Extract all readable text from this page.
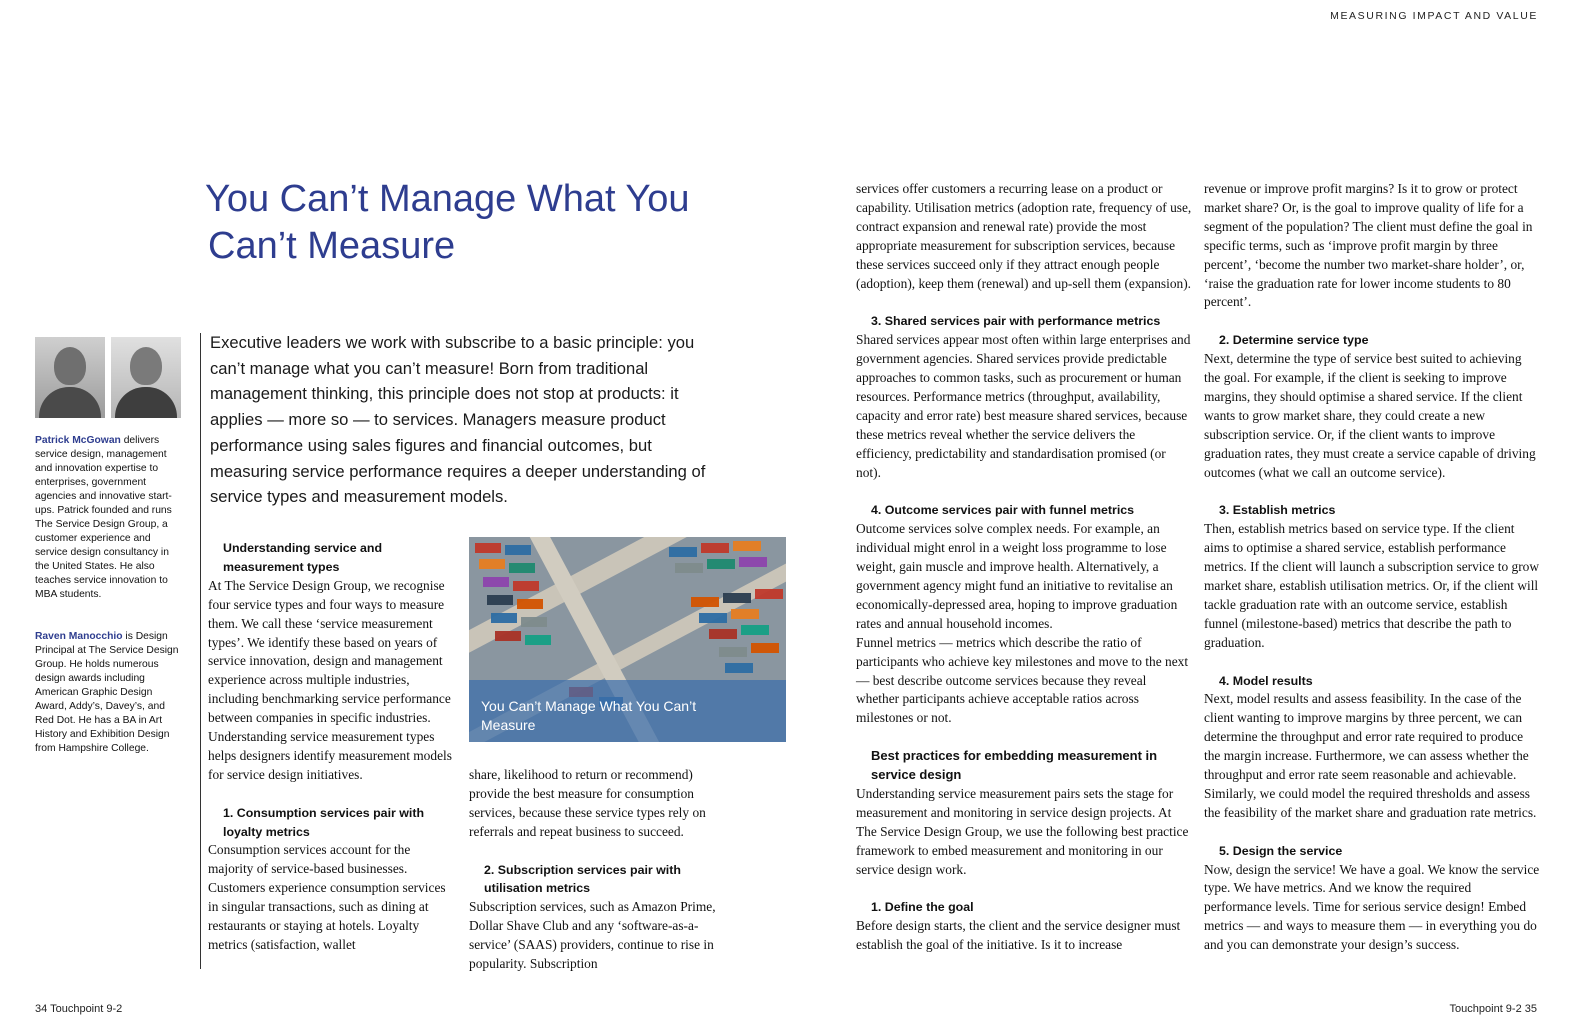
MEASURING IMPACT AND VALUE
34 Touchpoint 9-2	Touchpoint 9-2 35
You Can’t Manage What You
Can’t Measure
Patrick McGowan delivers service design, management and innovation expertise to enterprises, government agencies and innovative start-ups. Patrick founded and runs The Service Design Group, a customer experience and service design consultancy in the United States. He also teaches service innovation to MBA students.
Raven Manocchio is Design Principal at The Service Design Group. He holds numerous design awards including American Graphic Design Award, Addy’s, Davey’s, and Red Dot. He has a BA in Art History and Exhibition Design from Hampshire College.
Executive leaders we work with subscribe to a basic principle: you can’t manage what you can’t measure! Born from traditional management thinking, this principle does not stop at products: it applies — more so — to services. Managers measure product performance using sales figures and financial outcomes, but measuring service performance requires a deeper understanding of service types and measurement models.
Understanding service and measurement types
At The Service Design Group, we recognise four service types and four ways to measure them. We call these ‘service measurement types’. We identify these based on years of service innovation, design and management experience across multiple industries, including benchmarking service performance between companies in specific industries. Understanding service measurement types helps designers identify measurement models for service design initiatives.
1. Consumption services pair with loyalty metrics
Consumption services account for the majority of service-based businesses. Customers experience consumption services in singular transactions, such as dining at restaurants or staying at hotels. Loyalty metrics (satisfaction, wallet
You Can’t Manage What You Can’t Measure
share, likelihood to return or recommend) provide the best measure for consumption services, because these service types rely on referrals and repeat business to succeed.
2. Subscription services pair with utilisation metrics
Subscription services, such as Amazon Prime, Dollar Shave Club and any ‘software-as-a-service’ (SAAS) providers, continue to rise in popularity. Subscription
services offer customers a recurring lease on a product or capability. Utilisation metrics (adoption rate, frequency of use, contract expansion and renewal rate) provide the most appropriate measurement for subscription services, because these services succeed only if they attract enough people (adoption), keep them (renewal) and up-sell them (expansion).
3. Shared services pair with performance metrics
Shared services appear most often within large enterprises and government agencies. Shared services provide predictable approaches to common tasks, such as procurement or human resources. Performance metrics (throughput, availability, capacity and error rate) best measure shared services, because these metrics reveal whether the service delivers the efficiency, predictability and standardisation promised (or not).
4. Outcome services pair with funnel metrics
Outcome services solve complex needs. For example, an individual might enrol in a weight loss programme to lose weight, gain muscle and improve health. Alternatively, a government agency might fund an initiative to revitalise an economically-depressed area, hoping to improve graduation rates and annual household incomes.
Funnel metrics — metrics which describe the ratio of participants who achieve key milestones and move to the next — best describe outcome services because they reveal whether participants achieve acceptable ratios across milestones or not.
Best practices for embedding measurement in service design
Understanding service measurement pairs sets the stage for measurement and monitoring in service design projects. At The Service Design Group, we use the following best practice framework to embed measurement and monitoring in our service design work.
1. Define the goal
Before design starts, the client and the service designer must establish the goal of the initiative. Is it to increase
revenue or improve profit margins? Is it to grow or protect market share? Or, is the goal to improve quality of life for a segment of the population? The client must define the goal in specific terms, such as ‘improve profit margin by three percent’, ‘become the number two market-share holder’, or, ‘raise the graduation rate for lower income students to 80 percent’.
2. Determine service type
Next, determine the type of service best suited to achieving the goal. For example, if the client is seeking to improve margins, they should optimise a shared service. If the client wants to grow market share, they could create a new subscription service. Or, if the client wants to improve graduation rates, they must create a service capable of driving outcomes (what we call an outcome service).
3. Establish metrics
Then, establish metrics based on service type. If the client aims to optimise a shared service, establish performance metrics. If the client will launch a subscription service to grow market share, establish utilisation metrics. Or, if the client will tackle graduation rate with an outcome service, establish funnel (milestone-based) metrics that describe the path to graduation.
4. Model results
Next, model results and assess feasibility. In the case of the client wanting to improve margins by three percent, we can determine the throughput and error rate required to produce the margin increase. Furthermore, we can assess whether the throughput and error rate seem reasonable and achievable. Similarly, we could model the required thresholds and assess the feasibility of the market share and graduation rate metrics.
5. Design the service
Now, design the service! We have a goal. We know the service type. We have metrics. And we know the required performance levels. Time for serious service design! Embed metrics — and ways to measure them — in everything you do and you can demonstrate your design’s success.
